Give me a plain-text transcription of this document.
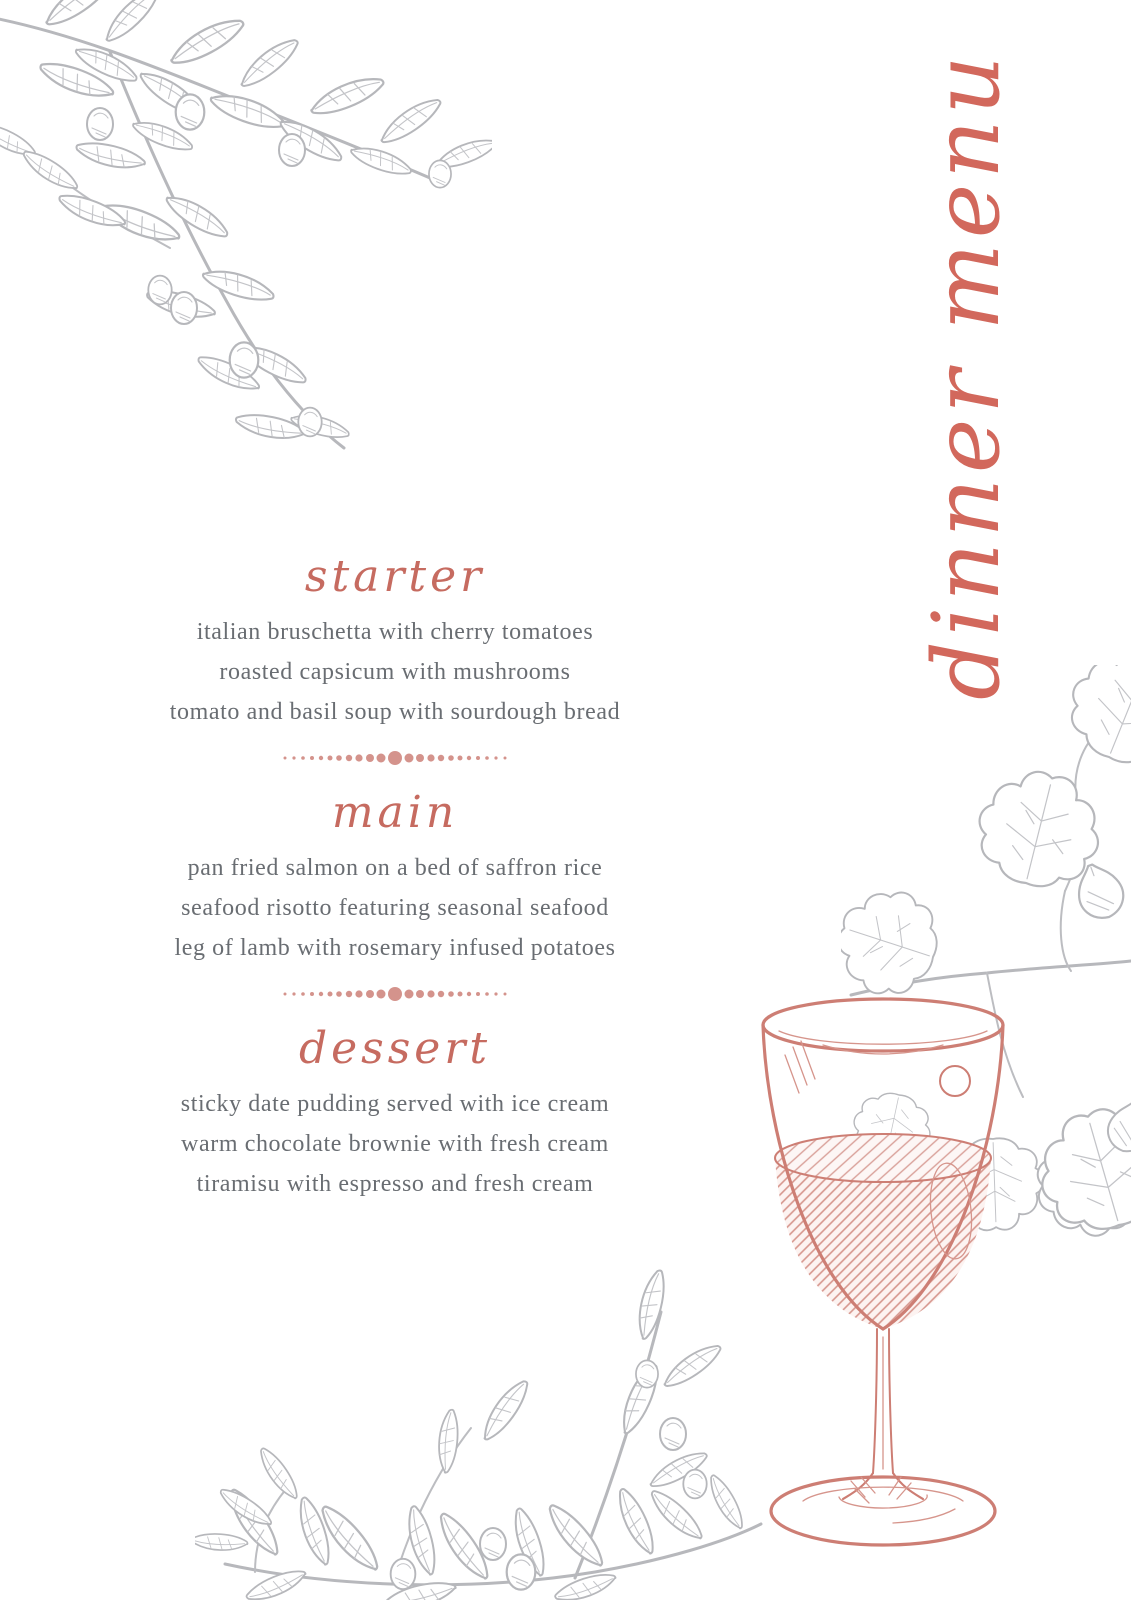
dinner menu
starter
italian bruschetta with cherry tomatoes
roasted capsicum with mushrooms
tomato and basil soup with sourdough bread
main
pan fried salmon on a bed of saffron rice
seafood risotto featuring seasonal seafood
leg of lamb with rosemary infused potatoes
dessert
sticky date pudding served with ice cream
warm chocolate brownie with fresh cream
tiramisu with espresso and fresh cream
